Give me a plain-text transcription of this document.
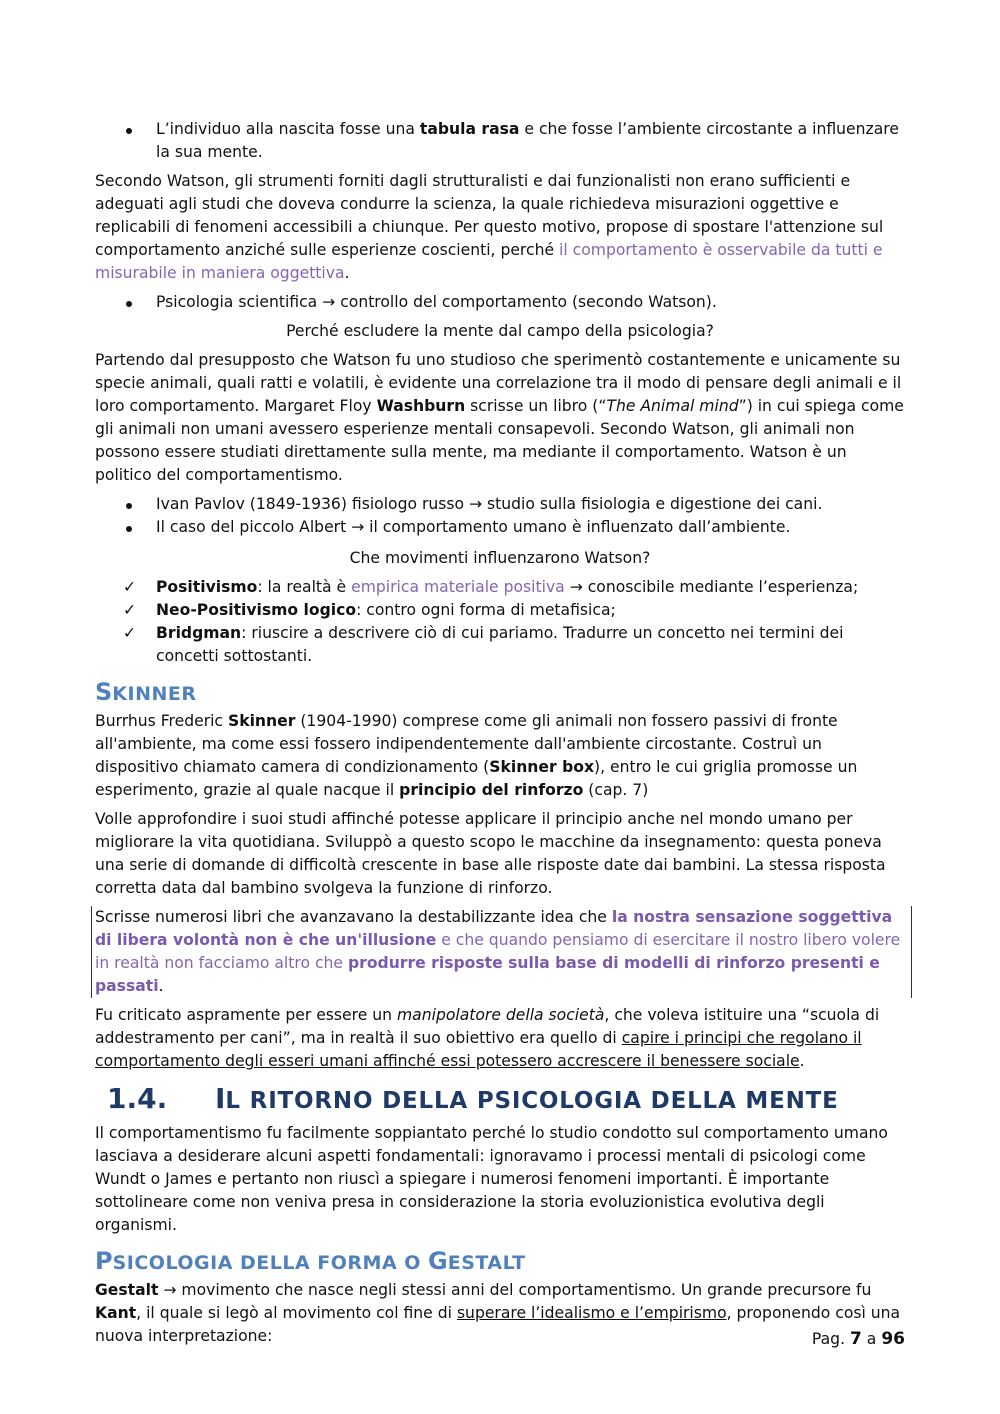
L’individuo alla nascita fosse una tabula rasa e che fosse l’ambiente circostante a influenzare la sua mente.

Secondo Watson, gli strumenti forniti dagli strutturalisti e dai funzionalisti non erano sufficienti e adeguati agli studi che doveva condurre la scienza, la quale richiedeva misurazioni oggettive e replicabili di fenomeni accessibili a chiunque. Per questo motivo, propose di spostare l'attenzione sul comportamento anziché sulle esperienze coscienti, perché il comportamento è osservabile da tutti e misurabile in maniera oggettiva.

Psicologia scientifica → controllo del comportamento (secondo Watson).

Perché escludere la mente dal campo della psicologia?

Partendo dal presupposto che Watson fu uno studioso che sperimentò costantemente e unicamente su specie animali, quali ratti e volatili, è evidente una correlazione tra il modo di pensare degli animali e il loro comportamento. Margaret Floy Washburn scrisse un libro (“The Animal mind”) in cui spiega come gli animali non umani avessero esperienze mentali consapevoli. Secondo Watson, gli animali non possono essere studiati direttamente sulla mente, ma mediante il comportamento. Watson è un politico del comportamentismo.

Ivan Pavlov (1849-1936) fisiologo russo → studio sulla fisiologia e digestione dei cani.
Il caso del piccolo Albert → il comportamento umano è influenzato dall’ambiente.

Che movimenti influenzarono Watson?

✓	Positivismo: la realtà è empirica materiale positiva → conoscibile mediante l’esperienza;
✓	Neo-Positivismo logico: contro ogni forma di metafisica;
✓	Bridgman: riuscire a descrivere ciò di cui pariamo. Tradurre un concetto nei termini dei concetti sottostanti.
SKINNER

Burrhus Frederic Skinner (1904-1990) comprese come gli animali non fossero passivi di fronte all'ambiente, ma come essi fossero indipendentemente dall'ambiente circostante. Costruì un dispositivo chiamato camera di condizionamento (Skinner box), entro le cui griglia promosse un esperimento, grazie al quale nacque il principio del rinforzo (cap. 7)

Volle approfondire i suoi studi affinché potesse applicare il principio anche nel mondo umano per migliorare la vita quotidiana. Sviluppò a questo scopo le macchine da insegnamento: questa poneva una serie di domande di difficoltà crescente in base alle risposte date dai bambini. La stessa risposta corretta data dal bambino svolgeva la funzione di rinforzo.

Scrisse numerosi libri che avanzavano la destabilizzante idea che la nostra sensazione soggettiva di libera volontà non è che un'illusione e che quando pensiamo di esercitare il nostro libero volere in realtà non facciamo altro che produrre risposte sulla base di modelli di rinforzo presenti e passati.

Fu criticato aspramente per essere un manipolatore della società, che voleva istituire una “scuola di addestramento per cani”, ma in realtà il suo obiettivo era quello di capire i principi che regolano il comportamento degli esseri umani affinché essi potessero accrescere il benessere sociale.

1.4. IL RITORNO DELLA PSICOLOGIA DELLA MENTE

Il comportamentismo fu facilmente soppiantato perché lo studio condotto sul comportamento umano lasciava a desiderare alcuni aspetti fondamentali: ignoravamo i processi mentali di psicologi come Wundt o James e pertanto non riuscì a spiegare i numerosi fenomeni importanti. È importante sottolineare come non veniva presa in considerazione la storia evoluzionistica evolutiva degli organismi.

PSICOLOGIA DELLA FORMA O GESTALT

Gestalt → movimento che nasce negli stessi anni del comportamentismo. Un grande precursore fu Kant, il quale si legò al movimento col fine di superare l’idealismo e l’empirismo, proponendo così una nuova interpretazione:	Pag. 7 a 96
